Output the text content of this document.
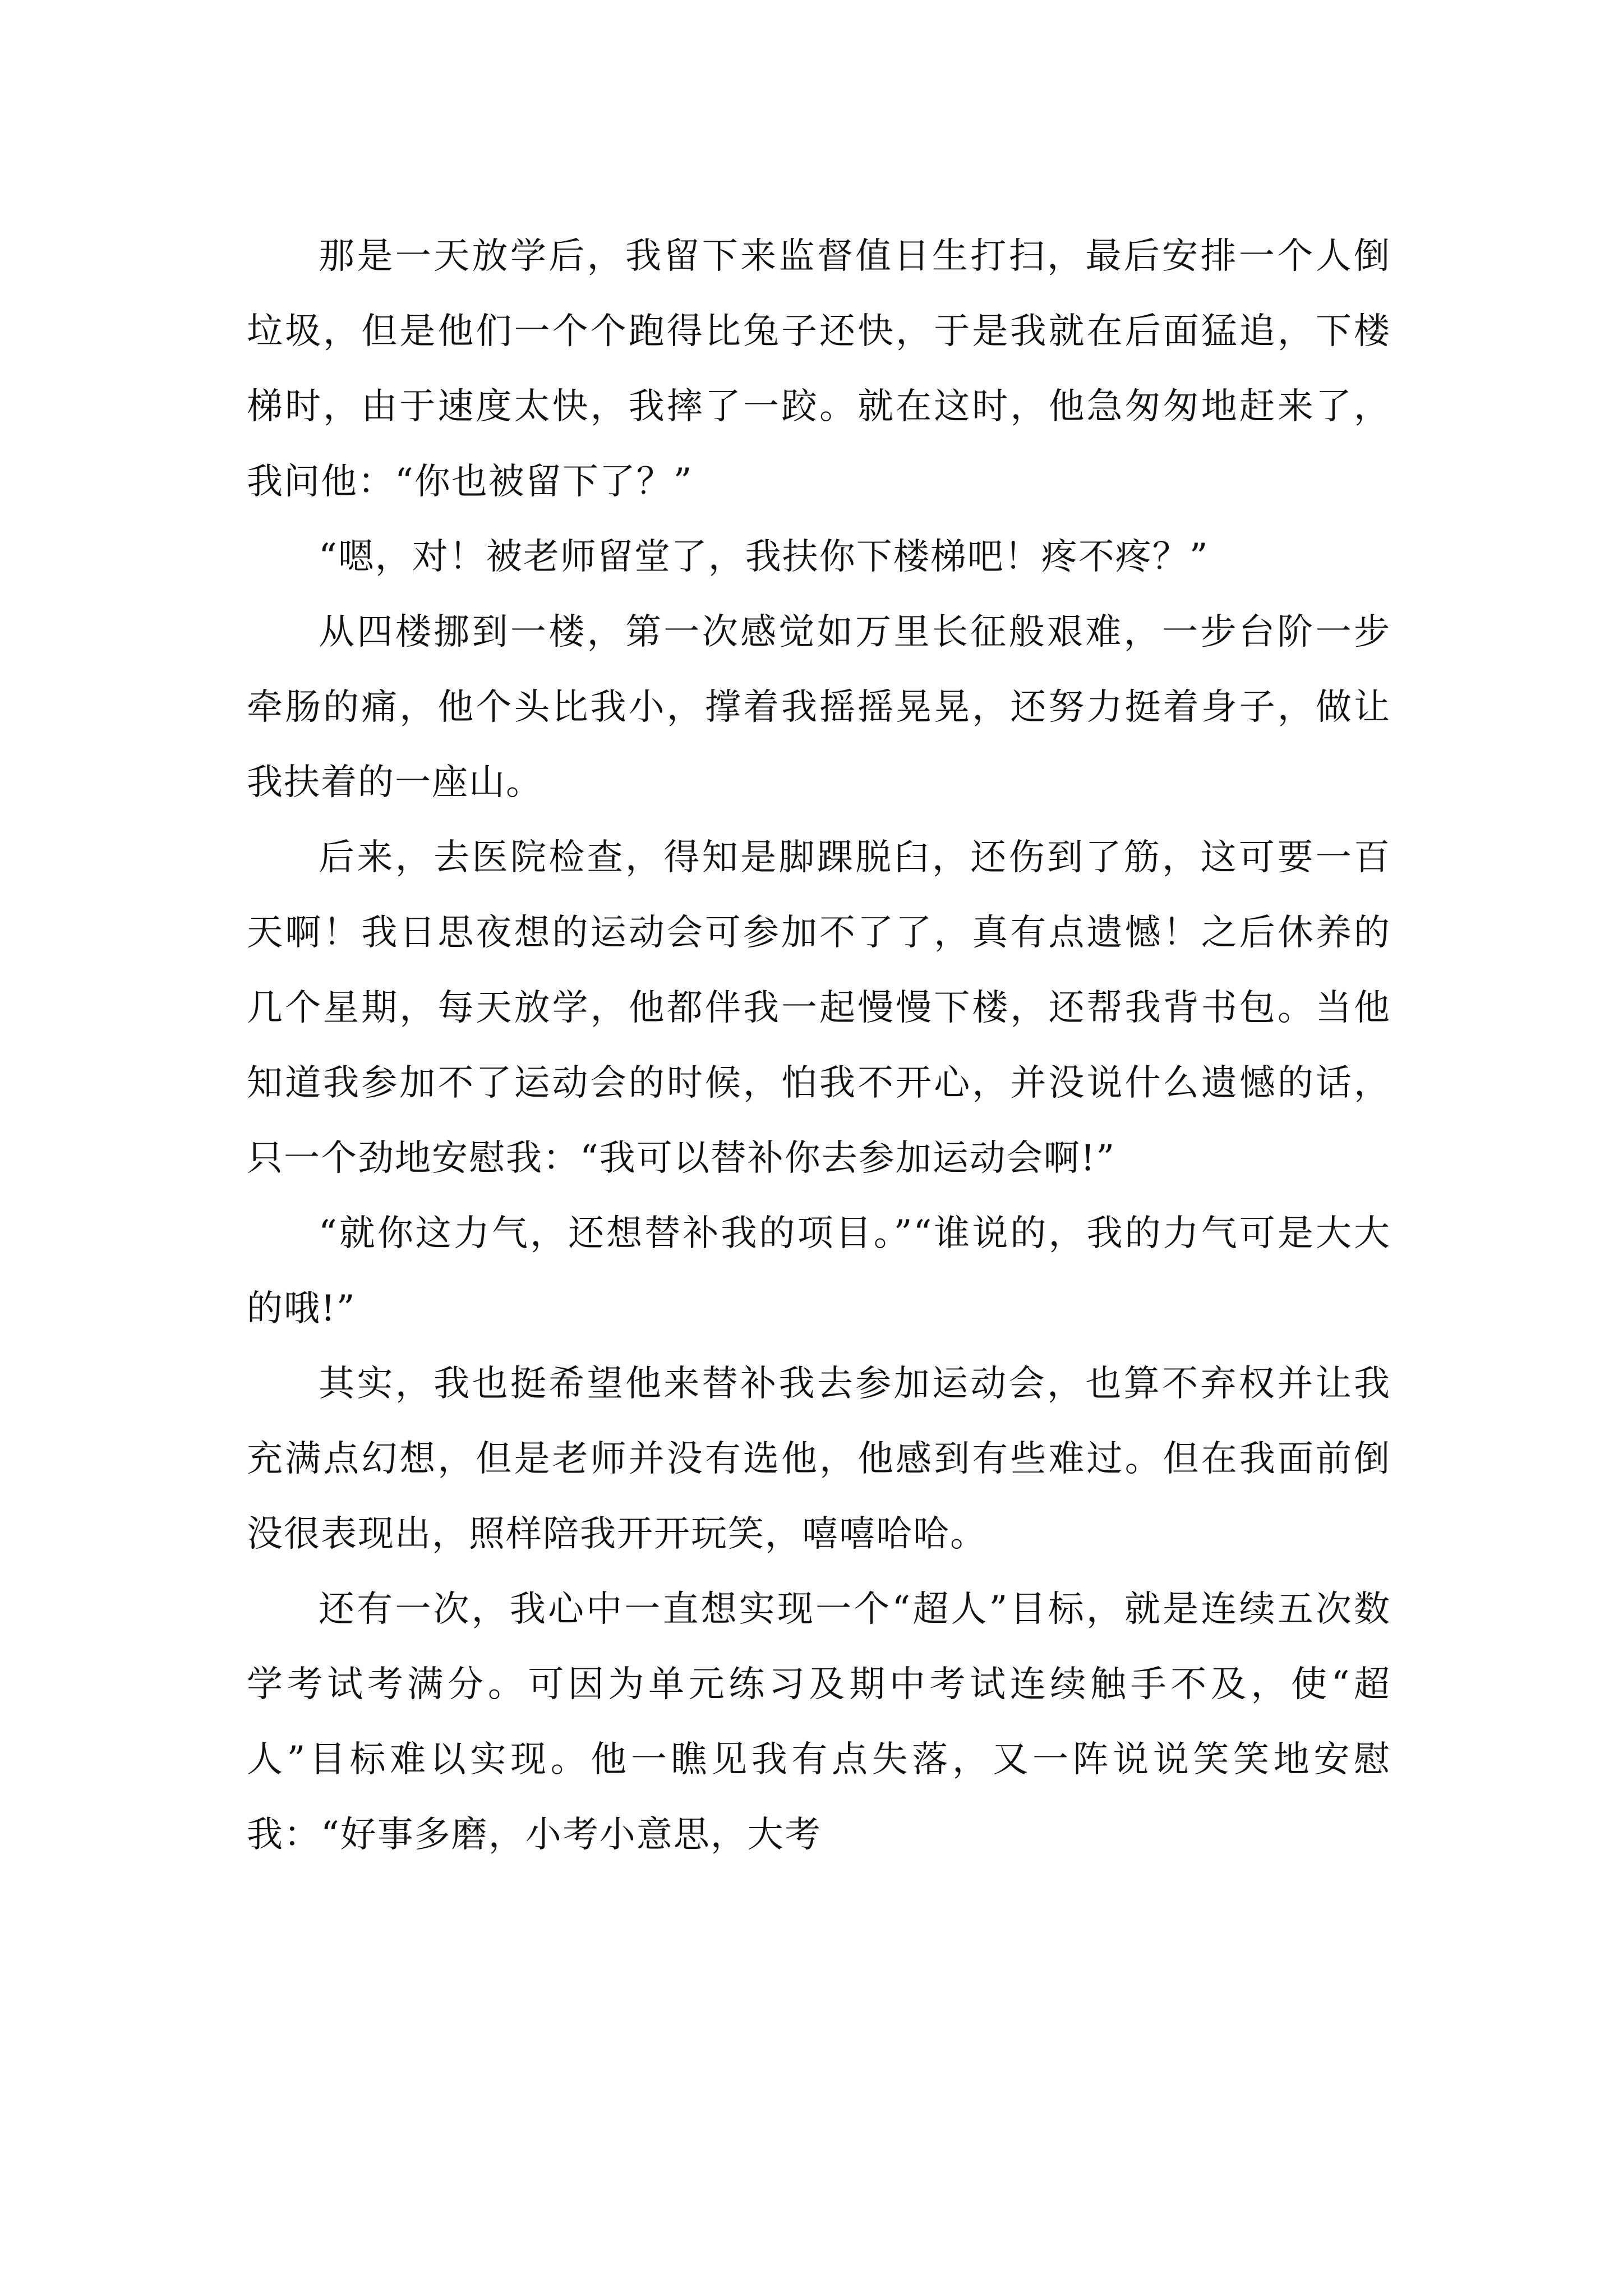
那是一天放学后，我留下来监督值日生打扫，最后安排一个人倒垃圾，但是他们一个个跑得比兔子还快，于是我就在后面猛追，下楼梯时，由于速度太快，我摔了一跤。就在这时，他急匆匆地赶来了，我问他：“你也被留下了？”

“嗯，对！被老师留堂了，我扶你下楼梯吧！疼不疼？”

从四楼挪到一楼，第一次感觉如万里长征般艰难，一步台阶一步牵肠的痛，他个头比我小，撑着我摇摇晃晃，还努力挺着身子，做让我扶着的一座山。

后来，去医院检查，得知是脚踝脱臼，还伤到了筋，这可要一百天啊！我日思夜想的运动会可参加不了了，真有点遗憾！之后休养的几个星期，每天放学，他都伴我一起慢慢下楼，还帮我背书包。当他知道我参加不了运动会的时候，怕我不开心，并没说什么遗憾的话，只一个劲地安慰我：“我可以替补你去参加运动会啊!”

“就你这力气，还想替补我的项目。”“谁说的，我的力气可是大大的哦!”

其实，我也挺希望他来替补我去参加运动会，也算不弃权并让我充满点幻想，但是老师并没有选他，他感到有些难过。但在我面前倒没很表现出，照样陪我开开玩笑，嘻嘻哈哈。

还有一次，我心中一直想实现一个“超人”目标，就是连续五次数学考试考满分。可因为单元练习及期中考试连续触手不及，使“超人”目标难以实现。他一瞧见我有点失落，又一阵说说笑笑地安慰我：“好事多磨，小考小意思，大考
